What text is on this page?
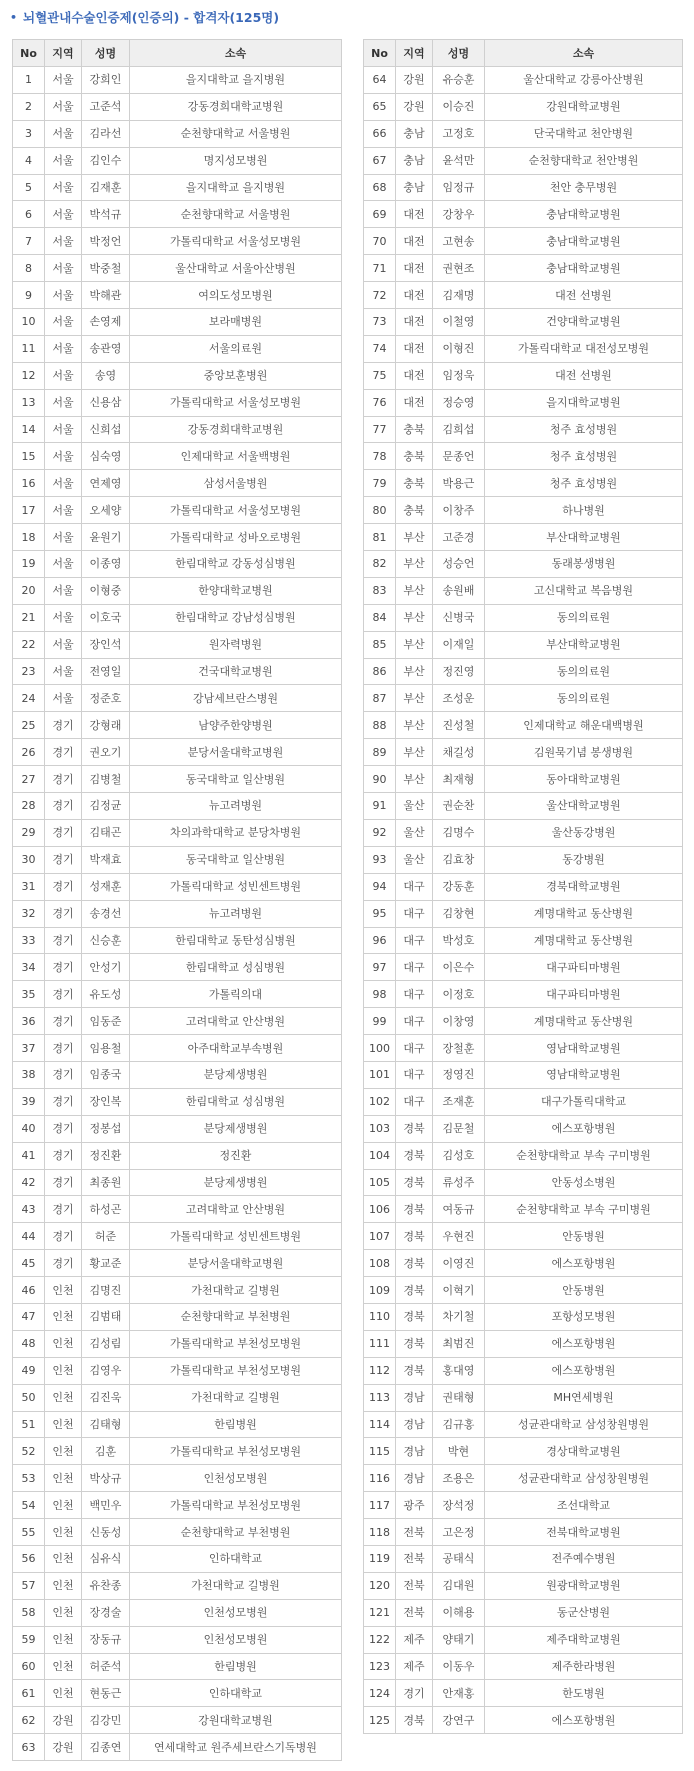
• 뇌혈관내수술인증제(인증의) - 합격자(125명)
No	지역	성명	소속
1	서울	강희인	을지대학교 을지병원
2	서울	고준석	강동경희대학교병원
3	서울	김라선	순천향대학교 서울병원
4	서울	김인수	명지성모병원
5	서울	김재훈	을지대학교 을지병원
6	서울	박석규	순천향대학교 서울병원
7	서울	박정언	가톨릭대학교 서울성모병원
8	서울	박중철	울산대학교 서울아산병원
9	서울	박해관	여의도성모병원
10	서울	손영제	보라매병원
11	서울	송관영	서울의료원
12	서울	송영	중앙보훈병원
13	서울	신용삼	가톨릭대학교 서울성모병원
14	서울	신희섭	강동경희대학교병원
15	서울	심숙영	인제대학교 서울백병원
16	서울	연제영	삼성서울병원
17	서울	오세양	가톨릭대학교 서울성모병원
18	서울	윤원기	가톨릭대학교 성바오로병원
19	서울	이종영	한림대학교 강동성심병원
20	서울	이형중	한양대학교병원
21	서울	이호국	한림대학교 강남성심병원
22	서울	장인석	원자력병원
23	서울	전영일	건국대학교병원
24	서울	정준호	강남세브란스병원
25	경기	강형래	남양주한양병원
26	경기	권오기	분당서울대학교병원
27	경기	김병철	동국대학교 일산병원
28	경기	김정균	뉴고려병원
29	경기	김태곤	차의과학대학교 분당차병원
30	경기	박재효	동국대학교 일산병원
31	경기	성재훈	가톨릭대학교 성빈센트병원
32	경기	송경선	뉴고려병원
33	경기	신승훈	한림대학교 동탄성심병원
34	경기	안성기	한림대학교 성심병원
35	경기	유도성	가톨릭의대
36	경기	임동준	고려대학교 안산병원
37	경기	임용철	아주대학교부속병원
38	경기	임종국	분당제생병원
39	경기	장인복	한림대학교 성심병원
40	경기	정봉섭	분당제생병원
41	경기	정진환	정진환
42	경기	최종원	분당제생병원
43	경기	하성곤	고려대학교 안산병원
44	경기	허준	가톨릭대학교 성빈센트병원
45	경기	황교준	분당서울대학교병원
46	인천	김명진	가천대학교 길병원
47	인천	김범태	순천향대학교 부천병원
48	인천	김성림	가톨릭대학교 부천성모병원
49	인천	김영우	가톨릭대학교 부천성모병원
50	인천	김진욱	가천대학교 길병원
51	인천	김태형	한림병원
52	인천	김훈	가톨릭대학교 부천성모병원
53	인천	박상규	인천성모병원
54	인천	백민우	가톨릭대학교 부천성모병원
55	인천	신동성	순천향대학교 부천병원
56	인천	심유식	인하대학교
57	인천	유찬종	가천대학교 길병원
58	인천	장경술	인천성모병원
59	인천	장동규	인천성모병원
60	인천	허준석	한림병원
61	인천	현동근	인하대학교
62	강원	김강민	강원대학교병원
63	강원	김종연	연세대학교 원주세브란스기독병원
No	지역	성명	소속
64	강원	유승훈	울산대학교 강릉아산병원
65	강원	이승진	강원대학교병원
66	충남	고정호	단국대학교 천안병원
67	충남	윤석만	순천향대학교 천안병원
68	충남	임정규	천안 충무병원
69	대전	강창우	충남대학교병원
70	대전	고현송	충남대학교병원
71	대전	권현조	충남대학교병원
72	대전	김재명	대전 선병원
73	대전	이철영	건양대학교병원
74	대전	이형진	가톨릭대학교 대전성모병원
75	대전	임정욱	대전 선병원
76	대전	정승영	을지대학교병원
77	충북	김희섭	청주 효성병원
78	충북	문종언	청주 효성병원
79	충북	박용근	청주 효성병원
80	충북	이창주	하나병원
81	부산	고준경	부산대학교병원
82	부산	성승언	동래봉생병원
83	부산	송원배	고신대학교 복음병원
84	부산	신병국	동의의료원
85	부산	이재일	부산대학교병원
86	부산	정진영	동의의료원
87	부산	조성운	동의의료원
88	부산	진성철	인제대학교 해운대백병원
89	부산	채길성	김원묵기념 봉생병원
90	부산	최재형	동아대학교병원
91	울산	권순찬	울산대학교병원
92	울산	김명수	울산동강병원
93	울산	김효창	동강병원
94	대구	강동훈	경북대학교병원
95	대구	김창현	계명대학교 동산병원
96	대구	박성호	계명대학교 동산병원
97	대구	이은수	대구파티마병원
98	대구	이정호	대구파티마병원
99	대구	이창영	계명대학교 동산병원
100	대구	장철훈	영남대학교병원
101	대구	정영진	영남대학교병원
102	대구	조재훈	대구가톨릭대학교
103	경북	김문철	에스포항병원
104	경북	김성호	순천향대학교 부속 구미병원
105	경북	류성주	안동성소병원
106	경북	여동규	순천향대학교 부속 구미병원
107	경북	우현진	안동병원
108	경북	이영진	에스포항병원
109	경북	이혁기	안동병원
110	경북	차기철	포항성모병원
111	경북	최범진	에스포항병원
112	경북	홍대영	에스포항병원
113	경남	권태형	MH연세병원
114	경남	김규홍	성균관대학교 삼성창원병원
115	경남	박현	경상대학교병원
116	경남	조용은	성균관대학교 삼성창원병원
117	광주	장석정	조선대학교
118	전북	고은정	전북대학교병원
119	전북	공태식	전주예수병원
120	전북	김대원	원광대학교병원
121	전북	이해용	동군산병원
122	제주	양태기	제주대학교병원
123	제주	이동우	제주한라병원
124	경기	안재홍	한도병원
125	경북	강연구	에스포항병원
